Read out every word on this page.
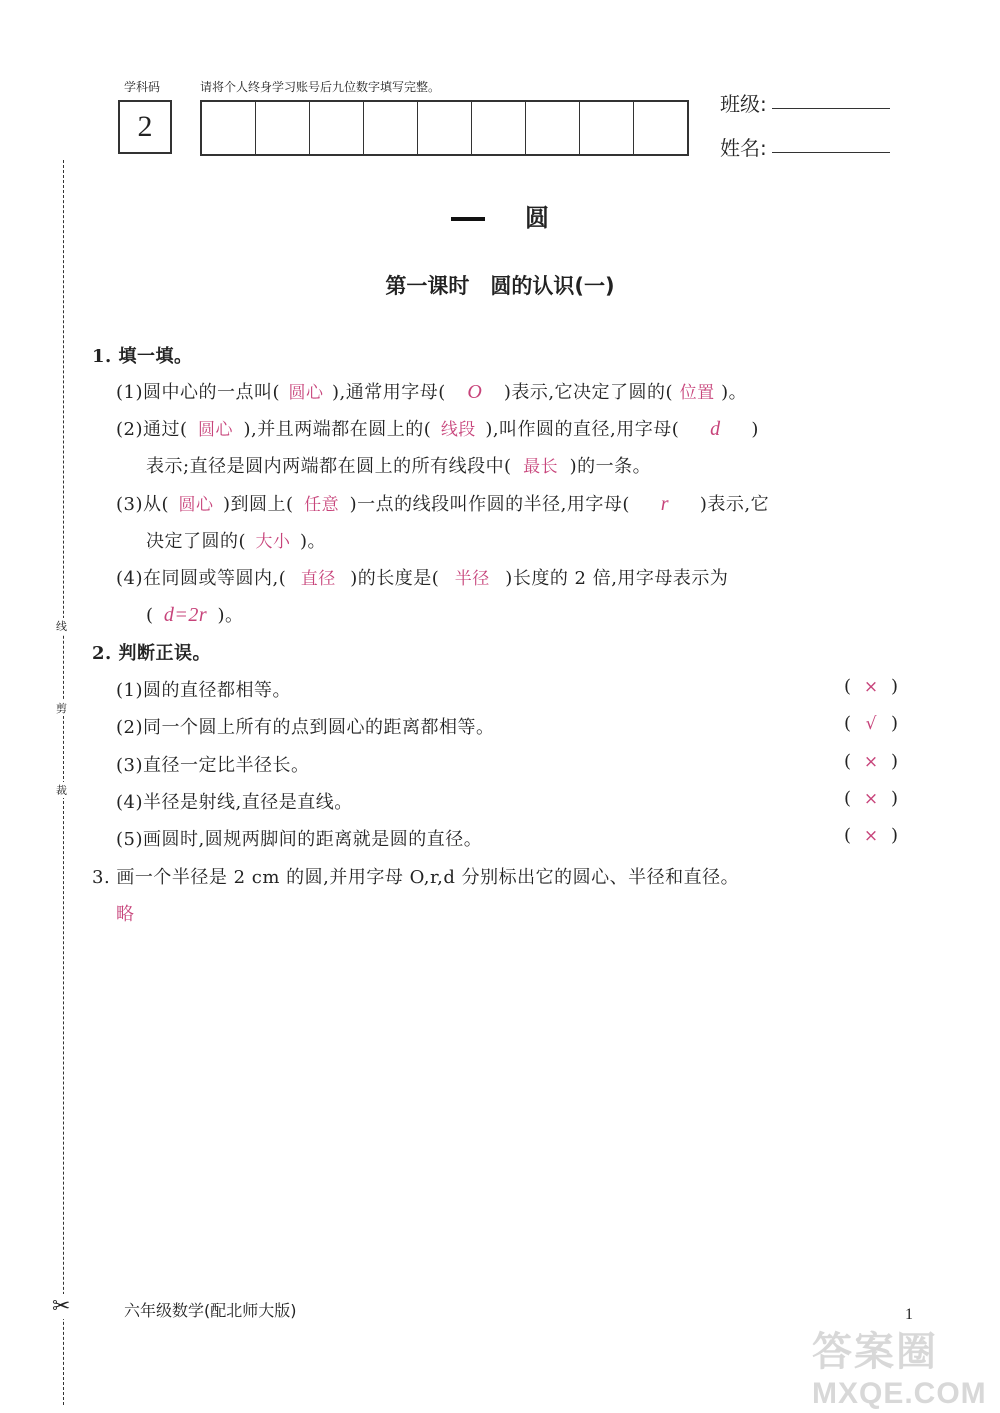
学科码	请将个人终身学习账号后九位数字填写完整。
2
班级:
姓名:
线
剪
裁
✂
圆
第一课时　圆的认识(一)
1. 填一填。
(1)圆中心的一点叫( 圆心 ),通常用字母( O )表示,它决定了圆的( 位置 )。
(2)通过( 圆心 ),并且两端都在圆上的( 线段 ),叫作圆的直径,用字母( d )
表示;直径是圆内两端都在圆上的所有线段中( 最长 )的一条。
(3)从( 圆心 )到圆上( 任意 )一点的线段叫作圆的半径,用字母( r )表示,它
决定了圆的( 大小 )。
(4)在同圆或等圆内,( 直径 )的长度是( 半径 )长度的 2 倍,用字母表示为
( d=2r )。
2. 判断正误。
(1)圆的直径都相等。	( × )
(2)同一个圆上所有的点到圆心的距离都相等。	( √ )
(3)直径一定比半径长。	( × )
(4)半径是射线,直径是直线。	( × )
(5)画圆时,圆规两脚间的距离就是圆的直径。	( × )
3. 画一个半径是 2 cm 的圆,并用字母 O,r,d 分别标出它的圆心、半径和直径。
略
六年级数学(配北师大版)	1
答案圈
MXQE.COM
